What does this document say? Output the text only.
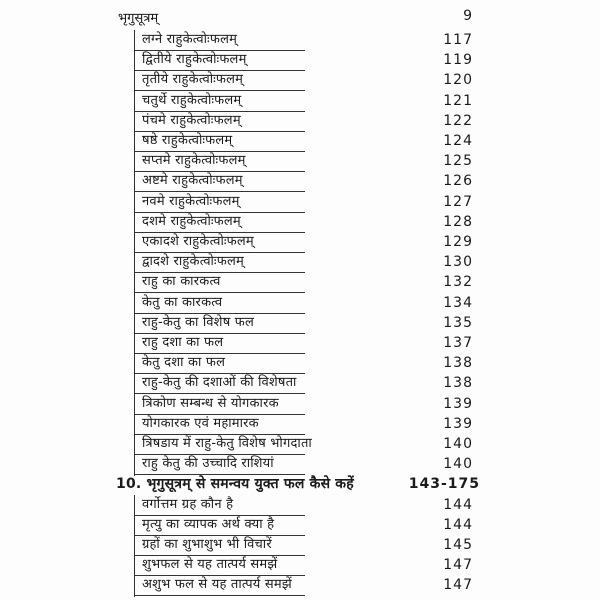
भृगुसूत्रम्	9
लग्ने राहुकेत्वोःफलम्	117
द्वितीये राहुकेत्वोःफलम्	119
तृतीये राहुकेत्वोःफलम्	120
चतुर्थे राहुकेत्वोःफलम्	121
पंचमे राहुकेत्वोःफलम्	122
षष्ठे राहुकेत्वोःफलम्	124
सप्तमे राहुकेत्वोःफलम्	125
अष्टमे राहुकेत्वोःफलम्	126
नवमे राहुकेत्वोःफलम्	127
दशमे राहुकेत्वोःफलम्	128
एकादशे राहुकेत्वोःफलम्	129
द्वादशे राहुकेत्वोःफलम्	130
राहु का कारकत्व	132
केतु का कारकत्व	134
राहु-केतु का विशेष फल	135
राहु दशा का फल	137
केतु दशा का फल	138
राहु-केतु की दशाओं की विशेषता	138
त्रिकोण सम्बन्ध से योगकारक	139
योगकारक एवं महामारक	139
त्रिषडाय में राहु-केतु विशेष भोगदाता	140
राहु केतु की उच्चादि राशियां	140
10. भृगुसूत्रम् से समन्वय युक्त फल कैसे कहें	143-175
वर्गोत्तम ग्रह कौन है	144
मृत्यु का व्यापक अर्थ क्या है	144
ग्रहों का शुभाशुभ भी विचारें	145
शुभफल से यह तात्पर्य समझें	147
अशुभ फल से यह तात्पर्य समझें	147
